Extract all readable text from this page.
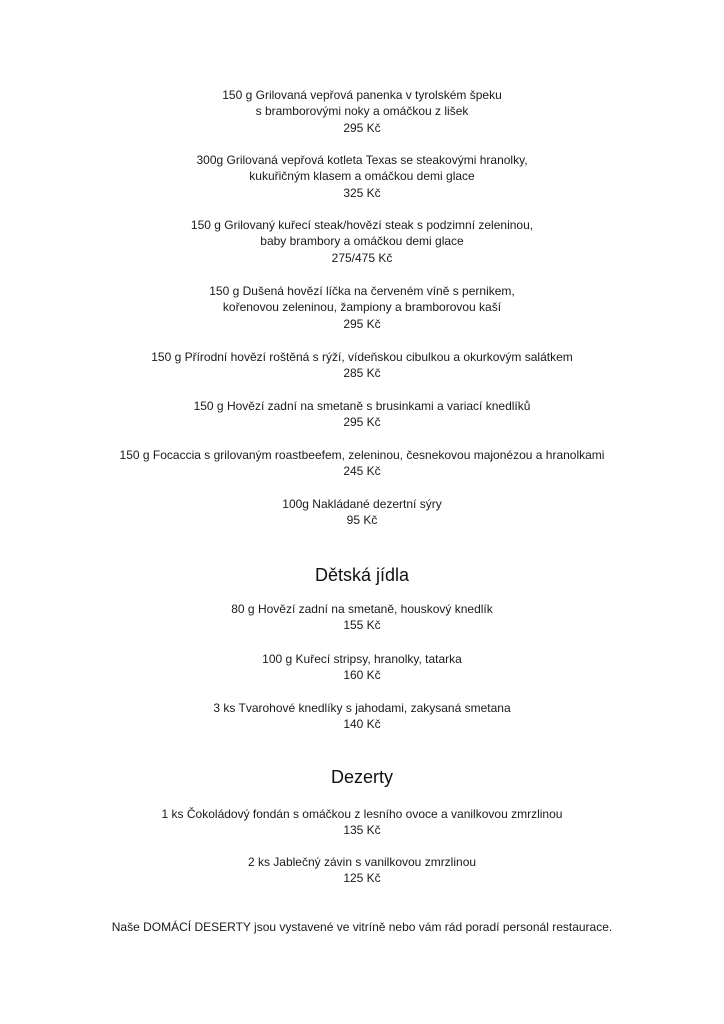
150 g Grilovaná vepřová panenka v tyrolském špeku
s bramborovými noky a omáčkou z lišek
295 Kč
300g Grilovaná vepřová kotleta Texas se steakovými hranolky,
kukuřičným klasem a omáčkou demi glace
325 Kč
150 g Grilovaný kuřecí steak/hovězí steak s podzimní zeleninou,
baby brambory a omáčkou demi glace
275/475 Kč
150 g Dušená hovězí líčka na červeném víně s pernikem,
kořenovou zeleninou, žampiony a bramborovou kaší
295 Kč
150 g Přírodní hovězí roštěná s rýží, vídeňskou cibulkou a okurkovým salátkem
285 Kč
150 g Hovězí zadní na smetaně s brusinkami a variací knedlíků
295 Kč
150 g Focaccia s grilovaným roastbeefem, zeleninou, česnekovou majonézou a hranolkami
245 Kč
100g Nakládané dezertní sýry
95 Kč
Dětská jídla
80 g Hovězí zadní na smetaně, houskový knedlík
155 Kč
100 g Kuřecí stripsy, hranolky, tatarka
160 Kč
3 ks Tvarohové knedlíky s jahodami, zakysaná smetana
140 Kč
Dezerty
1 ks Čokoládový fondán s omáčkou z lesního ovoce a vanilkovou zmrzlinou
135 Kč
2 ks Jablečný závin s vanilkovou zmrzlinou
125 Kč
Naše DOMÁCÍ DESERTY jsou vystavené ve vitríně nebo vám rád poradí personál restaurace.
